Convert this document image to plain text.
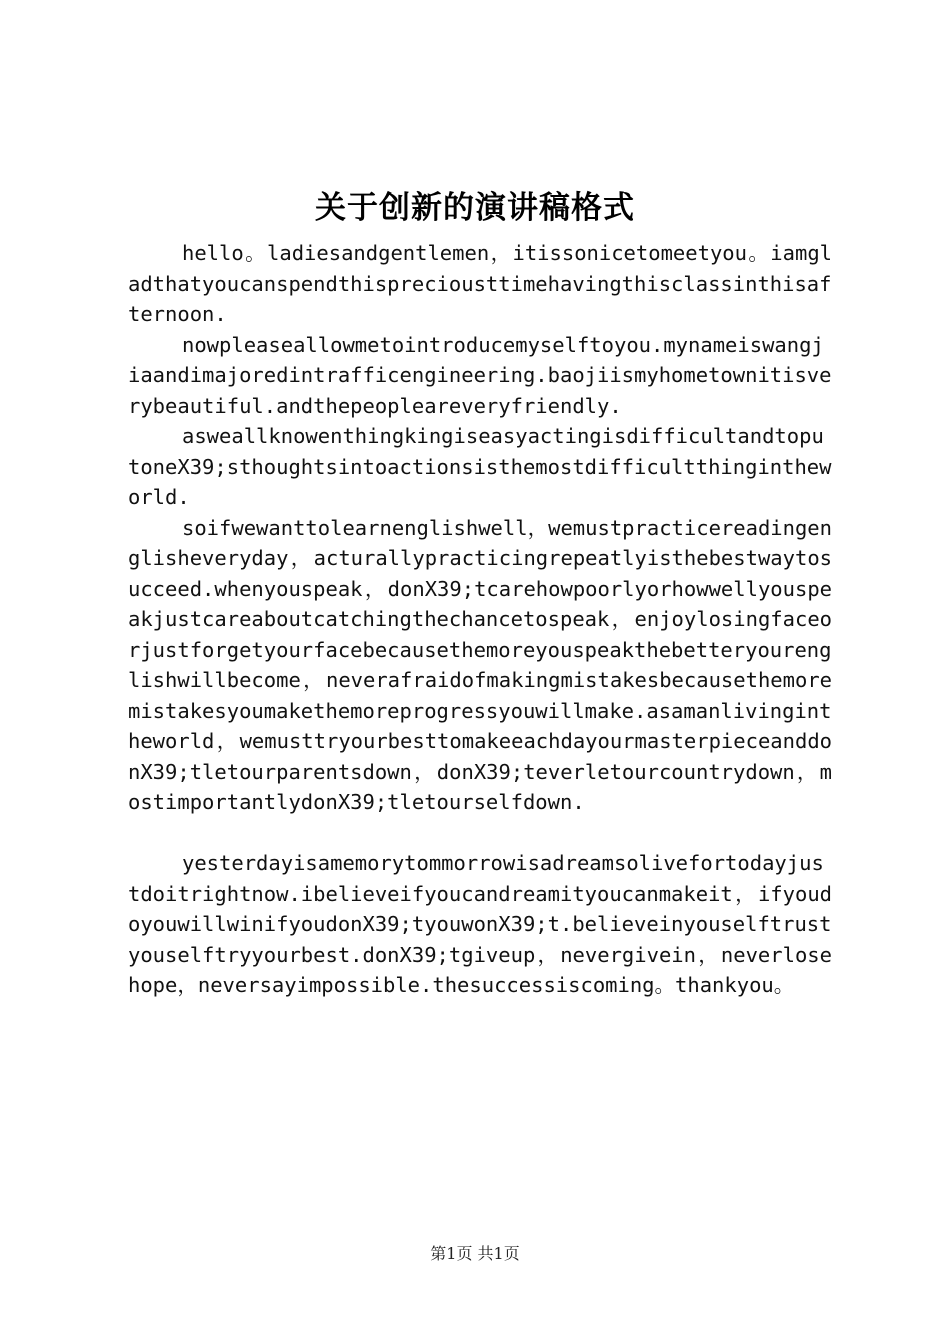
关于创新的演讲稿格式

hello。ladiesandgentlemen，itissonicetomeetyou。iamgladthatyoucanspendthispreciousttimehavingthisclassinthisafternoon.

nowpleaseallowmetointroducemyselftoyou.mynameiswangjiaandimajoredintrafficengineering.baojiismyhometownitisverybeautiful.andthepeopleareveryfriendly.

asweallknowenthingkingiseasyactingisdifficultandtoputoneX39;sthoughtsintoactionsisthemostdifficultthingintheworld.

soifwewanttolearnenglishwell，wemustpracticereadingenglisheveryday，acturallypracticingrepeatlyisthebestwaytosucceed.whenyouspeak，donX39;tcarehowpoorlyorhowwellyouspeakjustcareaboutcatchingthechancetospeak，enjoylosingfaceorjustforgetyourfacebecausethemoreyouspeakthebetteryourenglishwillbecome，neverafraidofmakingmistakesbecausethemoremistakesyoumakethemoreprogressyouwillmake.asamanlivingintheworld，wemusttryourbesttomakeeachdayourmasterpieceanddonX39;tletourparentsdown，donX39;teverletourcountrydown，mostimportantlydonX39;tletourselfdown.

yesterdayisamemorytommorrowisadreamsolivefortodayjustdoitrightnow.ibelieveifyoucandreamityoucanmakeit，ifyoudoyouwillwinifyoudonX39;tyouwonX39;t.believeinyouselftrustyouselftryyourbest.donX39;tgiveup，nevergivein，neverlosehope，neversayimpossible.thesuccessiscoming。thankyou。

第1页 共1页
